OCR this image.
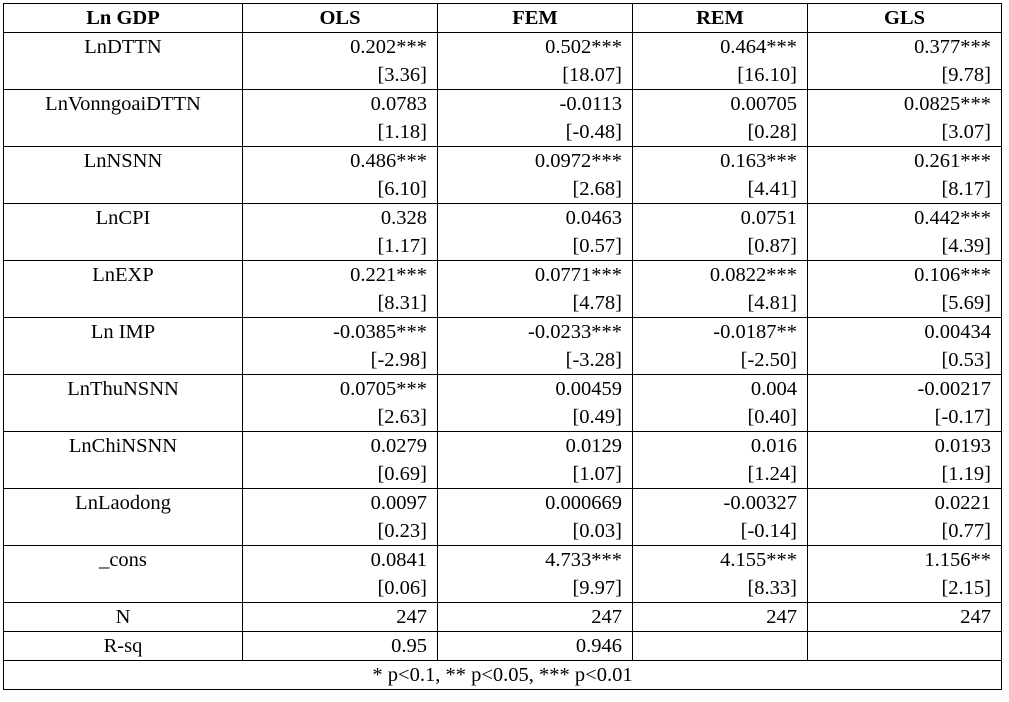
Ln GDP	OLS	FEM	REM	GLS
LnDTTN	0.202***	0.502***	0.464***	0.377***
	[3.36]	[18.07]	[16.10]	[9.78]
LnVonngoaiDTTN	0.0783	-0.0113	0.00705	0.0825***
	[1.18]	[-0.48]	[0.28]	[3.07]
LnNSNN	0.486***	0.0972***	0.163***	0.261***
	[6.10]	[2.68]	[4.41]	[8.17]
LnCPI	0.328	0.0463	0.0751	0.442***
	[1.17]	[0.57]	[0.87]	[4.39]
LnEXP	0.221***	0.0771***	0.0822***	0.106***
	[8.31]	[4.78]	[4.81]	[5.69]
Ln IMP	-0.0385***	-0.0233***	-0.0187**	0.00434
	[-2.98]	[-3.28]	[-2.50]	[0.53]
LnThuNSNN	0.0705***	0.00459	0.004	-0.00217
	[2.63]	[0.49]	[0.40]	[-0.17]
LnChiNSNN	0.0279	0.0129	0.016	0.0193
	[0.69]	[1.07]	[1.24]	[1.19]
LnLaodong	0.0097	0.000669	-0.00327	0.0221
	[0.23]	[0.03]	[-0.14]	[0.77]
_cons	0.0841	4.733***	4.155***	1.156**
	[0.06]	[9.97]	[8.33]	[2.15]
N	247	247	247	247
R-sq	0.95	0.946		
* p<0.1, ** p<0.05, *** p<0.01				
